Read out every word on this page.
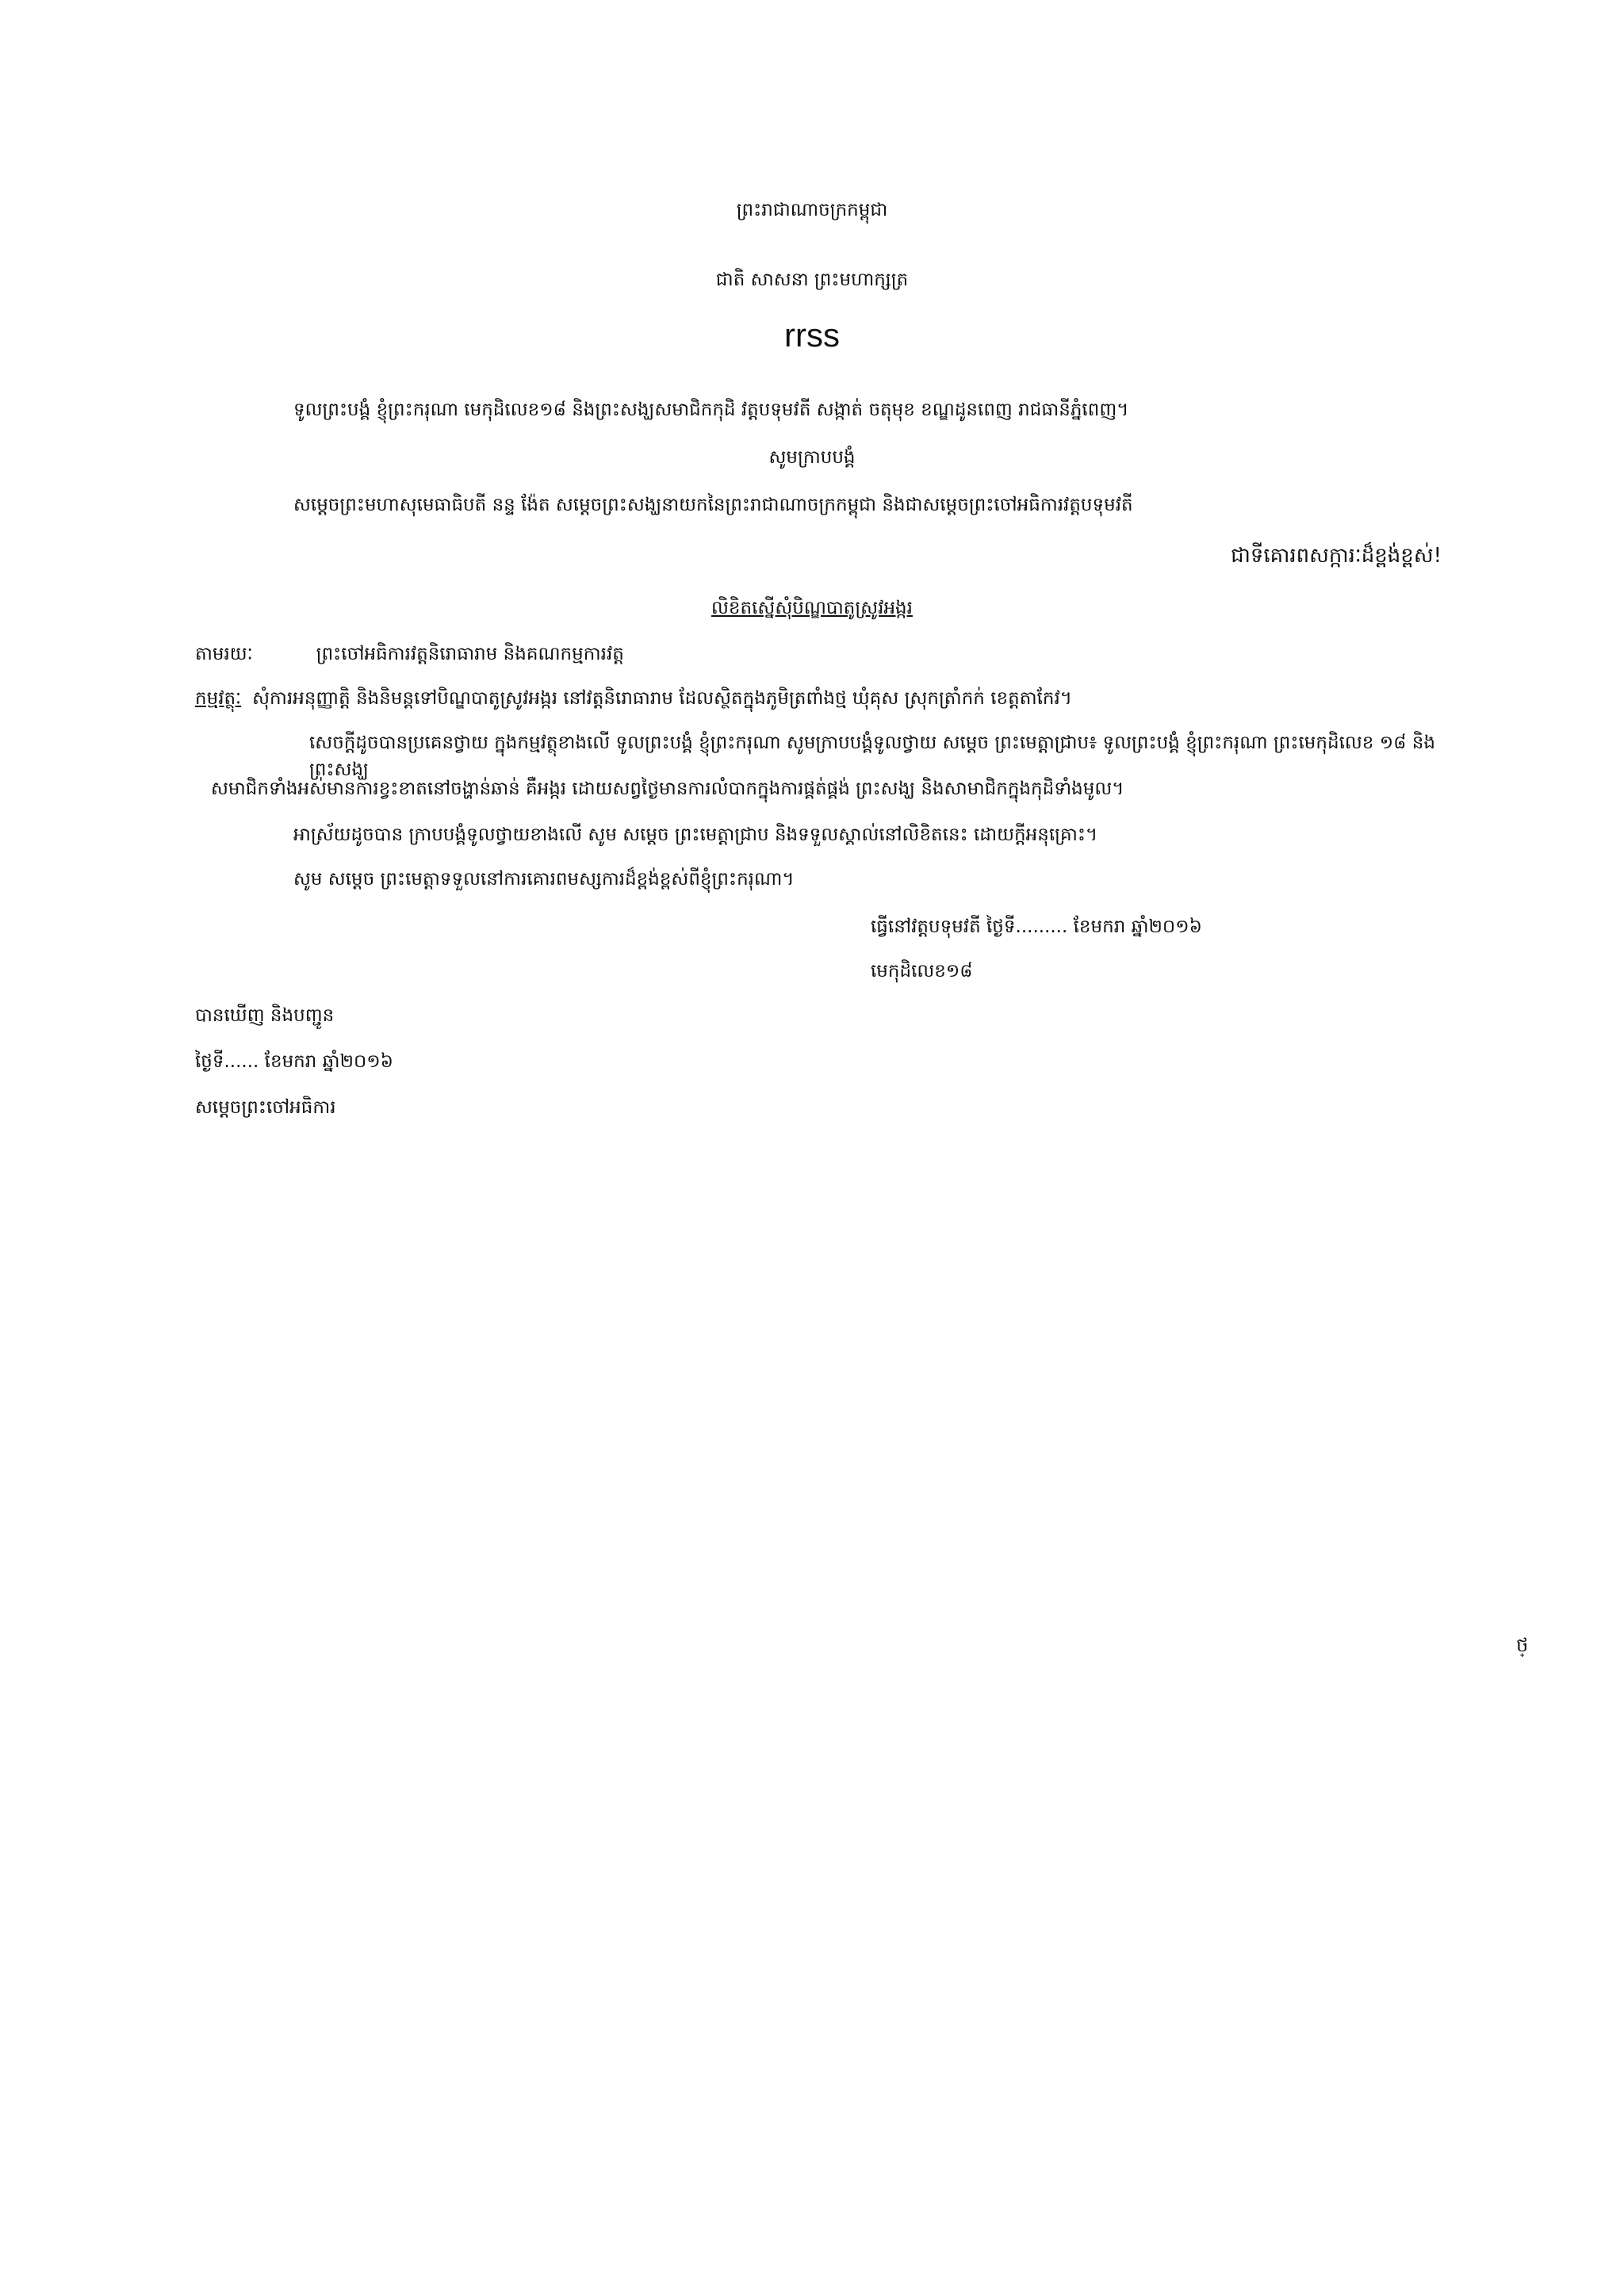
ព្រះរាជាណាចក្រកម្ពុជា
ជាតិ សាសនា ព្រះមហាក្សត្រ
rrss
ទូលព្រះបង្គំ ខ្ញុំព្រះករុណា មេកុដិលេខ១៨ និងព្រះសង្ឃសមាជិកកុដិ វត្តបទុមវតី សង្កាត់ ចតុមុខ ខណ្ឌដូនពេញ រាជធានីភ្នំពេញ។
សូមក្រាបបង្គំ
សម្តេចព្រះមហាសុមេធាធិបតី នន្ទ ង៉ែត សម្តេចព្រះសង្ឃនាយកនៃព្រះរាជាណាចក្រកម្ពុជា និងជាសម្តេចព្រះចៅអធិការវត្តបទុមវតី
ជាទីគោរពសក្ការៈដ៏ខ្ពង់ខ្ពស់!
លិខិតស្នើសុំបិណ្ឌបាតូស្រូវអង្ករ
តាមរយៈ	ព្រះចៅអធិការវត្តនិរោធារាម និងគណកម្មការវត្ត
កម្មវត្ថុៈ សុំការអនុញ្ញាត្តិ និងនិមន្តទៅបិណ្ឌបាតូស្រូវអង្ករ នៅវត្តនិរោធារាម ដែលស្ថិតក្នុងភូមិត្រពាំងថ្ម ឃុំគុស ស្រុកត្រាំកក់ ខេត្តតាកែវ។
សេចក្តីដូចបានប្រគេនថ្វាយ ក្នុងកម្មវត្ថុខាងលើ ទូលព្រះបង្គំ ខ្ញុំព្រះករុណា សូមក្រាបបង្គំទូលថ្វាយ សម្តេច ព្រះមេត្តាជ្រាប៖ ទូលព្រះបង្គំ ខ្ញុំព្រះករុណា ព្រះមេកុដិលេខ ១៨ និងព្រះសង្ឃ
សមាជិកទាំងអស់មានការខ្វះខាតនៅចង្ហាន់ឆាន់ គឺអង្ករ ដោយសព្វថ្ងៃមានការលំបាកក្នុងការផ្គត់ផ្គង់ ព្រះសង្ឃ និងសាមាជិកក្នុងកុដិទាំងមូល។
អាស្រ័យដូចបាន ក្រាបបង្គំទូលថ្វាយខាងលើ សូម សម្តេច ព្រះមេត្តាជ្រាប និងទទួលស្គាល់នៅលិខិតនេះ ដោយក្តីអនុគ្រោះ។
សូម សម្តេច ព្រះមេត្តាទទួលនៅការគោរពមស្សការដ៏ខ្ពង់ខ្ពស់ពីខ្ញុំព្រះករុណា។
ធ្វើនៅវត្តបទុមវតី ថ្ងៃទី......... ខែមករា ឆ្នាំ២០១៦
មេកុដិលេខ១៨
បានឃើញ និងបញ្ជូន
ថ្ងៃទី...... ខែមករា ឆ្នាំ២០១៦
សម្តេចព្រះចៅអធិការ
ថ្
